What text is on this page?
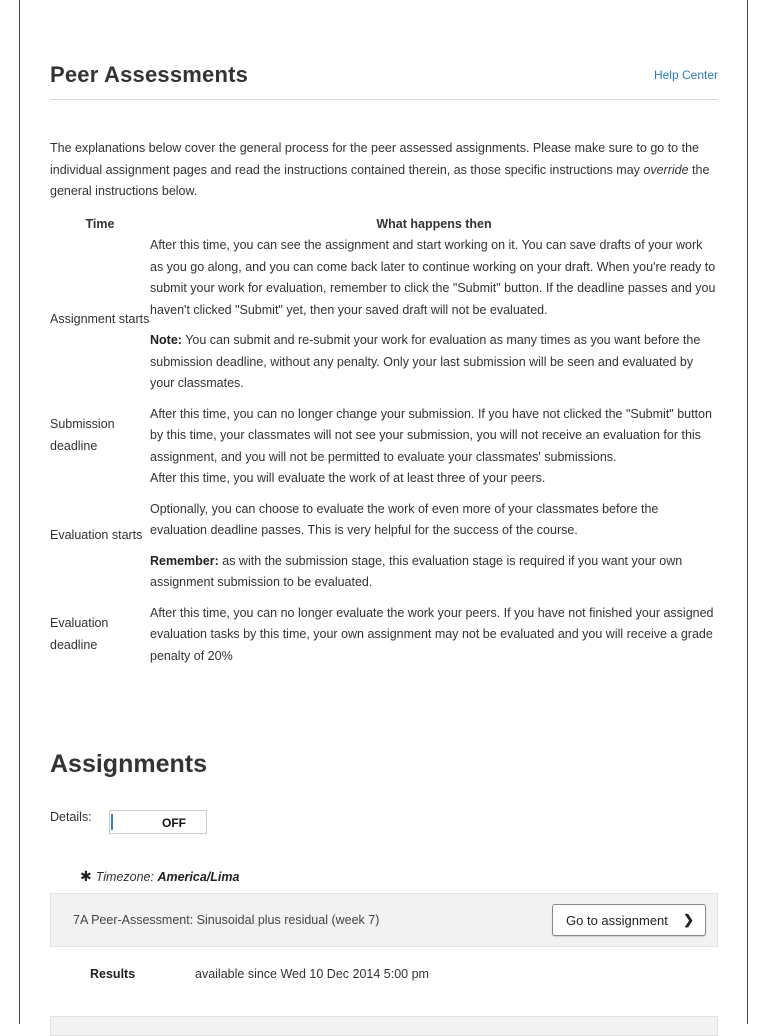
Peer Assessments	Help Center

The explanations below cover the general process for the peer assessed assignments. Please make sure to go to the individual assignment pages and read the instructions contained therein, as those specific instructions may override the general instructions below.

Time	What happens then
Assignment starts	After this time, you can see the assignment and start working on it. You can save drafts of your work as you go along, and you can come back later to continue working on your draft. When you're ready to submit your work for evaluation, remember to click the "Submit" button. If the deadline passes and you haven't clicked "Submit" yet, then your saved draft will not be evaluated.

Note: You can submit and re-submit your work for evaluation as many times as you want before the submission deadline, without any penalty. Only your last submission will be seen and evaluated by your classmates.

Submission deadline	After this time, you can no longer change your submission. If you have not clicked the "Submit" button by this time, your classmates will not see your submission, you will not receive an evaluation for this assignment, and you will not be permitted to evaluate your classmates' submissions.

Evaluation starts	After this time, you will evaluate the work of at least three of your peers.

Optionally, you can choose to evaluate the work of even more of your classmates before the evaluation deadline passes. This is very helpful for the success of the course.

Remember: as with the submission stage, this evaluation stage is required if you want your own assignment submission to be evaluated.

Evaluation deadline	After this time, you can no longer evaluate the work your peers. If you have not finished your assigned evaluation tasks by this time, your own assignment may not be evaluated and you will receive a grade penalty of 20%

Assignments
Details:	OFF
✱ Timezone: America/Lima
7A Peer-Assessment: Sinusoidal plus residual (week 7)	Go to assignment ❯
Results	available since Wed 10 Dec 2014 5:00 pm
